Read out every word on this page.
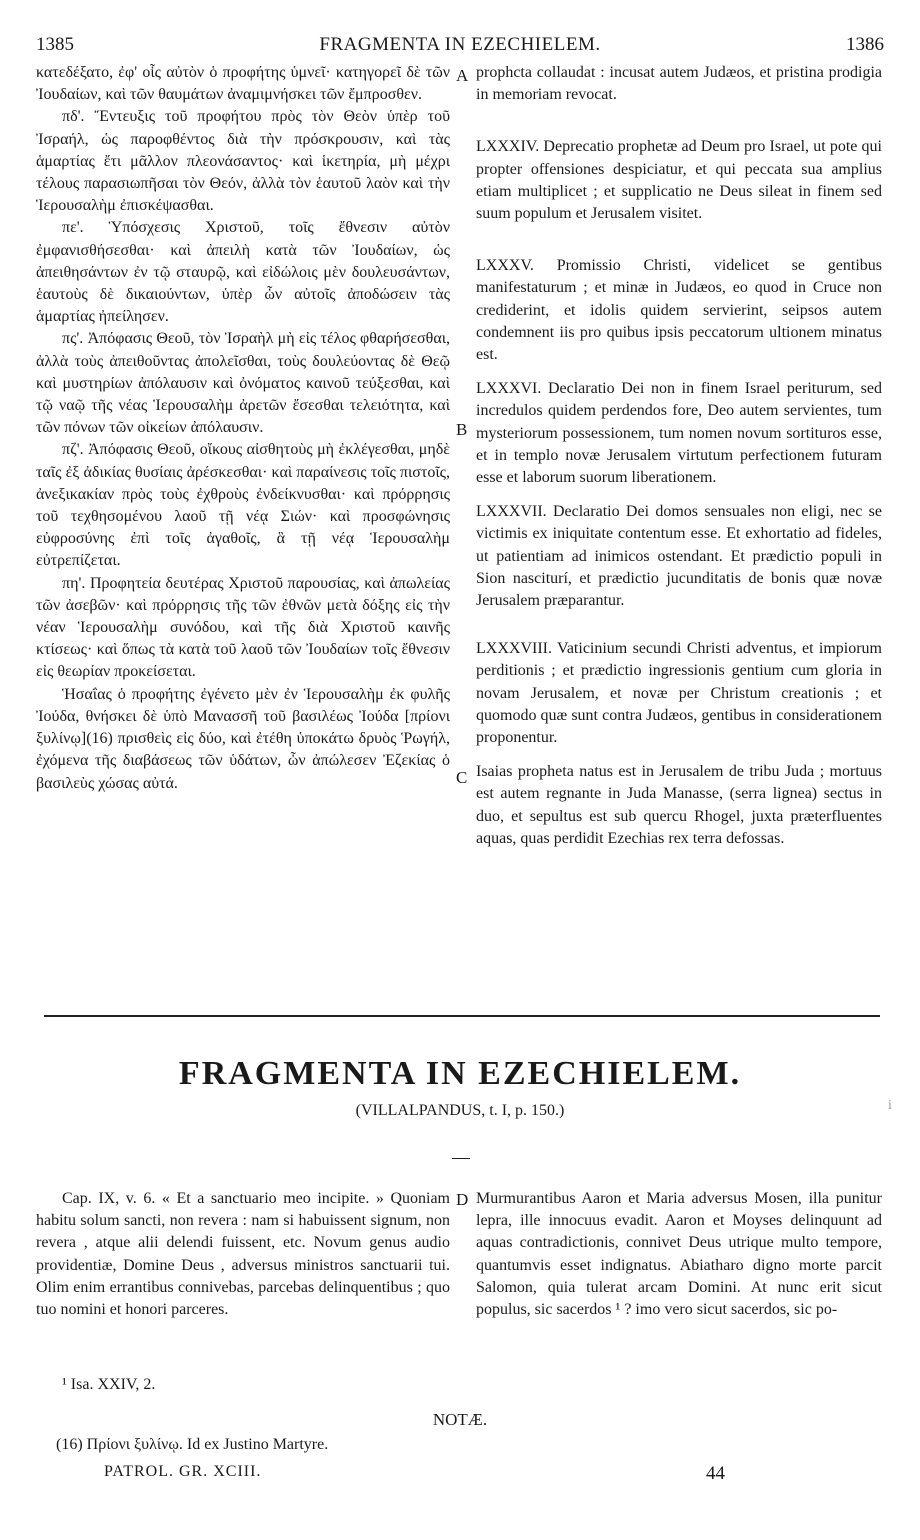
1385	FRAGMENTA IN EZECHIELEM.	1386

κατεδέξατο, ἐφ' οἷς αὐτὸν ὁ προφήτης ὑμνεῖ· κατηγορεῖ δὲ τῶν Ἰουδαίων, καὶ τῶν θαυμάτων ἀναμιμνήσκει τῶν ἔμπροσθεν.

πδ'. Ἔντευξις τοῦ προφήτου πρὸς τὸν Θεὸν ὑπὲρ τοῦ Ἰσραήλ, ὡς παροφθέντος διὰ τὴν πρόσκρουσιν, καὶ τὰς ἁμαρτίας ἔτι μᾶλλον πλεονάσαντος· καὶ ἱκετηρία, μὴ μέχρι τέλους παρασιωπῆσαι τὸν Θεόν, ἀλλὰ τὸν ἑαυτοῦ λαὸν καὶ τὴν Ἱερουσαλὴμ ἐπισκέψασθαι.

πε'. Ὑπόσχεσις Χριστοῦ, τοῖς ἔθνεσιν αὐτὸν ἐμφανισθήσεσθαι· καὶ ἀπειλὴ κατὰ τῶν Ἰουδαίων, ὡς ἀπειθησάντων ἐν τῷ σταυρῷ, καὶ εἰδώλοις μὲν δουλευσάντων, ἑαυτοὺς δὲ δικαιούντων, ὑπὲρ ὧν αὐτοῖς ἀποδώσειν τὰς ἁμαρτίας ἠπείλησεν.

πς'. Ἀπόφασις Θεοῦ, τὸν Ἰσραὴλ μὴ εἰς τέλος φθαρήσεσθαι, ἀλλὰ τοὺς ἀπειθοῦντας ἀπολεῖσθαι, τοὺς δουλεύοντας δὲ Θεῷ καὶ μυστηρίων ἀπόλαυσιν καὶ ὀνόματος καινοῦ τεύξεσθαι, καὶ τῷ ναῷ τῆς νέας Ἱερουσαλὴμ ἀρετῶν ἔσεσθαι τελειότητα, καὶ τῶν πόνων τῶν οἰκείων ἀπόλαυσιν.

πζ'. Ἀπόφασις Θεοῦ, οἴκους αἰσθητοὺς μὴ ἐκλέγεσθαι, μηδὲ ταῖς ἐξ ἀδικίας θυσίαις ἀρέσκεσθαι· καὶ παραίνεσις τοῖς πιστοῖς, ἀνεξικακίαν πρὸς τοὺς ἐχθροὺς ἐνδείκνυσθαι· καὶ πρόρρησις τοῦ τεχθησομένου λαοῦ τῇ νέᾳ Σιών· καὶ προσφώνησις εὐφροσύνης ἐπὶ τοῖς ἀγαθοῖς, ἃ τῇ νέᾳ Ἱερουσαλὴμ εὐτρεπίζεται.

πη'. Προφητεία δευτέρας Χριστοῦ παρουσίας, καὶ ἀπωλείας τῶν ἀσεβῶν· καὶ πρόρρησις τῆς τῶν ἐθνῶν μετὰ δόξης εἰς τὴν νέαν Ἱερουσαλὴμ συνόδου, καὶ τῆς διὰ Χριστοῦ καινῆς κτίσεως· καὶ ὅπως τὰ κατὰ τοῦ λαοῦ τῶν Ἰουδαίων τοῖς ἔθνεσιν εἰς θεωρίαν προκείσεται.

Ἡσαΐας ὁ προφήτης ἐγένετο μὲν ἐν Ἱερουσαλὴμ ἐκ φυλῆς Ἰούδα, θνήσκει δὲ ὑπὸ Μανασσῆ τοῦ βασιλέως Ἰούδα [πρίονι ξυλίνῳ](16) πρισθεὶς εἰς δύο, καὶ ἐτέθη ὑποκάτω δρυὸς Ῥωγήλ, ἐχόμενα τῆς διαβάσεως τῶν ὑδάτων, ὧν ἀπώλεσεν Ἐζεκίας ὁ βασιλεὺς χώσας αὐτά.

prophcta collaudat : incusat autem Judæos, et pristina prodigia in memoriam revocat.

LXXXIV. Deprecatio prophetæ ad Deum pro Israel, ut pote qui propter offensiones despiciatur, et qui peccata sua amplius etiam multiplicet ; et supplicatio ne Deus sileat in finem sed suum populum et Jerusalem visitet.

LXXXV. Promissio Christi, videlicet se gentibus manifestaturum ; et minæ in Judæos, eo quod in Cruce non crediderint, et idolis quidem servierint, seipsos autem condemnent iis pro quibus ipsis peccatorum ultionem minatus est.

LXXXVI. Declaratio Dei non in finem Israel periturum, sed incredulos quidem perdendos fore, Deo autem servientes, tum mysteriorum possessionem, tum nomen novum sortituros esse, et in templo novæ Jerusalem virtutum perfectionem futuram esse et laborum suorum liberationem.

LXXXVII. Declaratio Dei domos sensuales non eligi, nec se victimis ex iniquitate contentum esse. Et exhortatio ad fideles, ut patientiam ad inimicos ostendant. Et prædictio populi in Sion nasciturí, et prædictio jucunditatis de bonis quæ novæ Jerusalem præparantur.

LXXXVIII. Vaticinium secundi Christi adventus, et impiorum perditionis ; et prædictio ingressionis gentium cum gloria in novam Jerusalem, et novæ per Christum creationis ; et quomodo quæ sunt contra Judæos, gentibus in considerationem proponentur.

Isaias propheta natus est in Jerusalem de tribu Juda ; mortuus est autem regnante in Juda Manasse, (serra lignea) sectus in duo, et sepultus est sub quercu Rhogel, juxta præterfluentes aquas, quas perdidit Ezechias rex terra defossas.

A
B
C
FRAGMENTA IN EZECHIELEM.
(VILLALPANDUS, t. I, p. 150.)	i

Cap. IX, v. 6. « Et a sanctuario meo incipite. » Quoniam habitu solum sancti, non revera : nam si habuissent signum, non revera , atque alii delendi fuissent, etc. Novum genus audio providentiæ, Domine Deus , adversus ministros sanctuarii tui. Olim enim errantibus connivebas, parcebas delinquentibus ; quo tuo nomini et honori parceres.

D Murmurantibus Aaron et Maria adversus Mosen, illa punitur lepra, ille innocuus evadit. Aaron et Moyses delinquunt ad aquas contradictionis, connivet Deus utrique multo tempore, quantumvis esset indignatus. Abiatharo digno morte parcit Salomon, quia tulerat arcam Domini. At nunc erit sicut populus, sic sacerdos ¹ ? imo vero sicut sacerdos, sic po-

¹ Isa. XXIV, 2.
NOTÆ.
(16) Πρίονι ξυλίνῳ. Id ex Justino Martyre.
PATROL. GR. XCIII.	44
